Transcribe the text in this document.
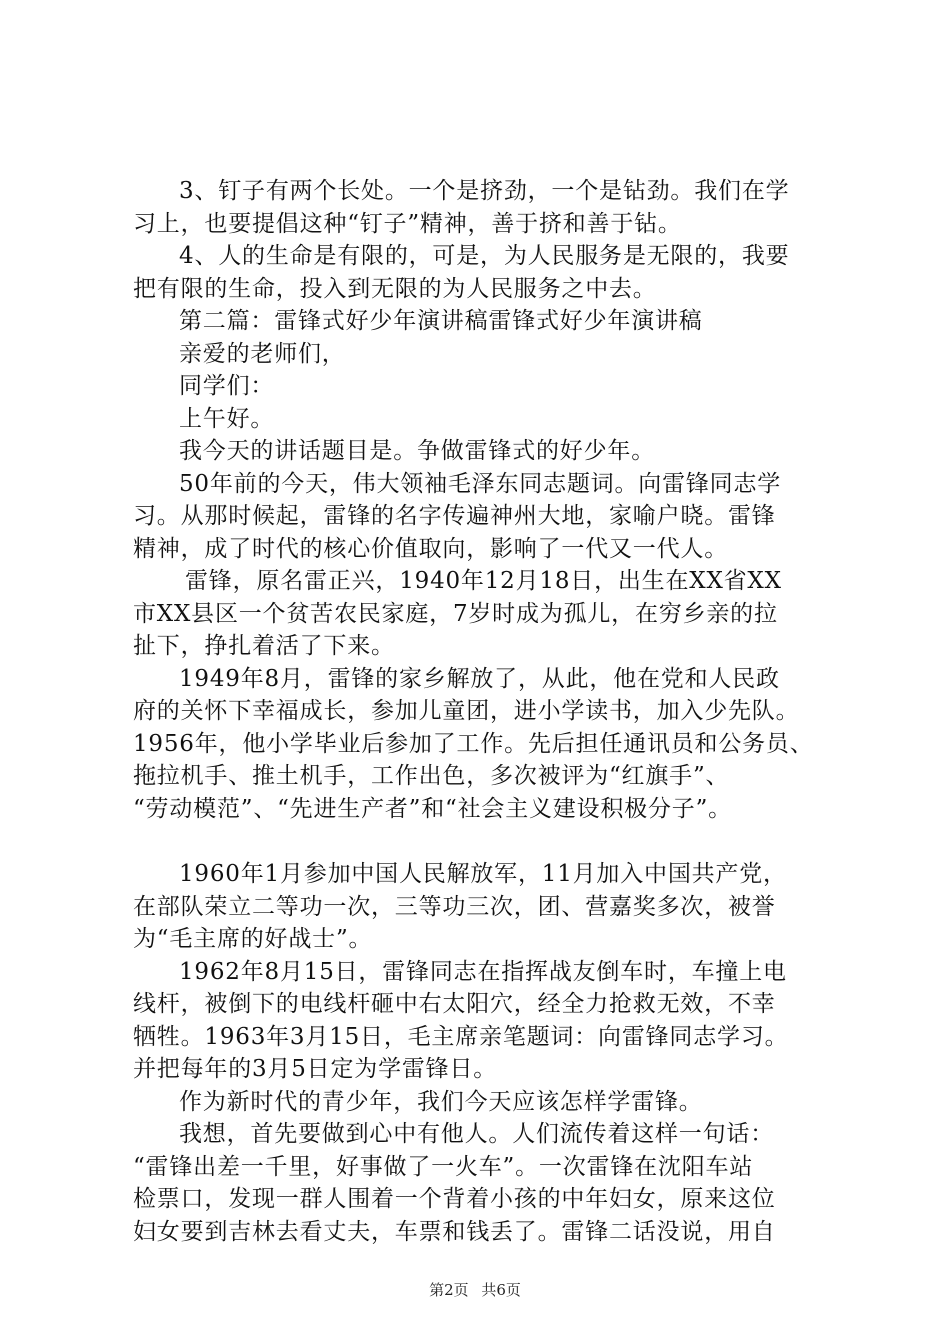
3、钉子有两个长处。一个是挤劲，一个是钻劲。我们在学
习上，也要提倡这种“钉子”精神，善于挤和善于钻。
4、人的生命是有限的，可是，为人民服务是无限的，我要
把有限的生命，投入到无限的为人民服务之中去。
第二篇：雷锋式好少年演讲稿雷锋式好少年演讲稿
亲爱的老师们，
同学们：
上午好。
我今天的讲话题目是。争做雷锋式的好少年。
50年前的今天，伟大领袖毛泽东同志题词。向雷锋同志学
习。从那时候起，雷锋的名字传遍神州大地，家喻户晓。雷锋
精神，成了时代的核心价值取向，影响了一代又一代人。
雷锋，原名雷正兴，1940年12月18日，出生在XX省XX
市XX县区一个贫苦农民家庭，7岁时成为孤儿，在穷乡亲的拉
扯下，挣扎着活了下来。
1949年8月，雷锋的家乡解放了，从此，他在党和人民政
府的关怀下幸福成长，参加儿童团，进小学读书，加入少先队。
1956年，他小学毕业后参加了工作。先后担任通讯员和公务员、
拖拉机手、推土机手，工作出色，多次被评为“红旗手”、
“劳动模范”、“先进生产者”和“社会主义建设积极分子”。
1960年1月参加中国人民解放军，11月加入中国共产党，
在部队荣立二等功一次，三等功三次，团、营嘉奖多次，被誉
为“毛主席的好战士”。
1962年8月15日，雷锋同志在指挥战友倒车时，车撞上电
线杆，被倒下的电线杆砸中右太阳穴，经全力抢救无效，不幸
牺牲。1963年3月15日，毛主席亲笔题词：向雷锋同志学习。
并把每年的3月5日定为学雷锋日。
作为新时代的青少年，我们今天应该怎样学雷锋。
我想，首先要做到心中有他人。人们流传着这样一句话：
“雷锋出差一千里，好事做了一火车”。一次雷锋在沈阳车站
检票口，发现一群人围着一个背着小孩的中年妇女，原来这位
妇女要到吉林去看丈夫，车票和钱丢了。雷锋二话没说，用自
第2页 共6页
